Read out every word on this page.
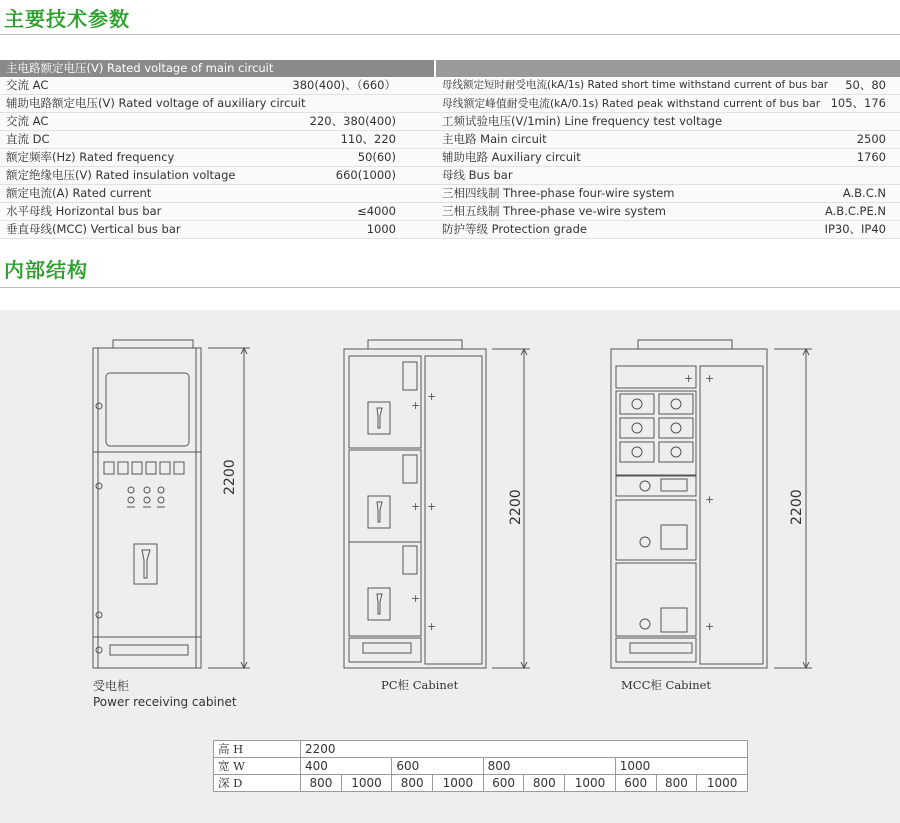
主要技术参数
主电路额定电压(V) Rated voltage of main circuit
交流 AC	380(400)、（660）
辅助电路额定电压(V) Rated voltage of auxiliary circuit
交流 AC	220、380(400)
直流 DC	110、220
额定频率(Hz) Rated frequency	50(60)
额定绝缘电压(V) Rated insulation voltage	660(1000)
额定电流(A) Rated current
水平母线 Horizontal bus bar	≤4000
垂直母线(MCC) Vertical bus bar	1000
母线额定短时耐受电流(kA/1s) Rated short time withstand current of bus bar 50、80
母线额定峰值耐受电流(kA/0.1s) Rated peak withstand current of bus bar 105、176
工频试验电压(V/1min) Line frequency test voltage
主电路 Main circuit	2500
辅助电路 Auxiliary circuit	1760
母线 Bus bar
三相四线制 Three-phase four-wire system	A.B.C.N
三相五线制 Three-phase ve-wire system	A.B.C.PE.N
防护等级 Protection grade	IP30、IP40
内部结构
+
+
+
+
+
+
+ +
+
+
2200
2200	2200
受电柜
Power receiving cabinet
PC柜 Cabinet	MCC柜 Cabinet
高 H	2200									
宽 W	400		600		800			1000		
深 D	800	1000	800	1000	600	800	1000	600	800	1000
